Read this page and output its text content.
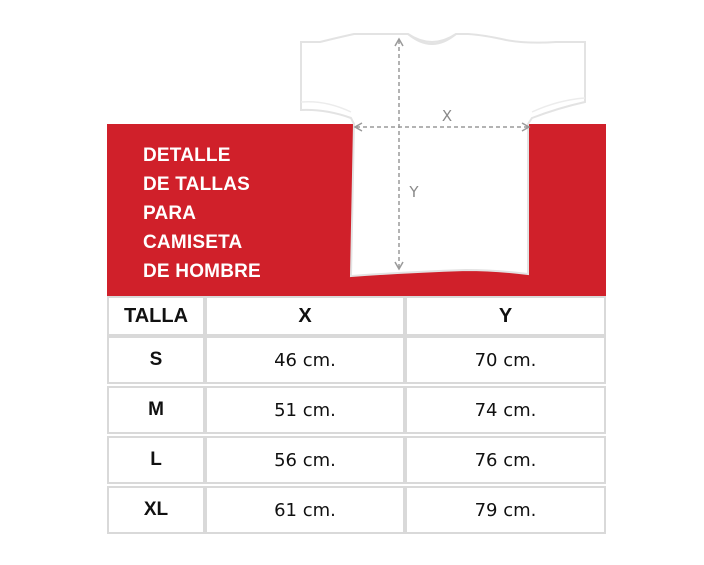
DETALLE
DE TALLAS
PARA
CAMISETA
DE HOMBRE
X
Y
TALLA	X	Y
S	46 cm.	70 cm.
M	51 cm.	74 cm.
L	56 cm.	76 cm.
XL	61 cm.	79 cm.
